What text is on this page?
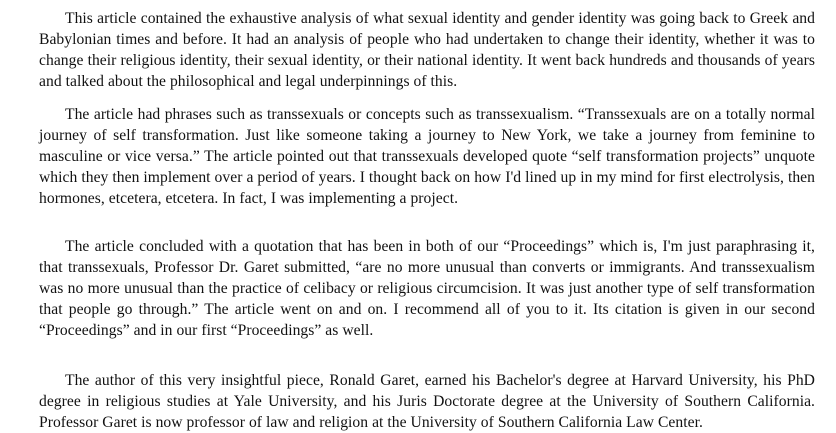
This article contained the exhaustive analysis of what sexual identity and gender identity was going back to Greek and Babylonian times and before. It had an analysis of people who had undertaken to change their identity, whether it was to change their religious identity, their sexual identity, or their national identity. It went back hundreds and thousands of years and talked about the philosophical and legal underpinnings of this.

The article had phrases such as transsexuals or concepts such as transsexualism. “Transsexuals are on a totally normal journey of self transformation. Just like someone taking a journey to New York, we take a journey from feminine to masculine or vice versa.” The article pointed out that transsexuals developed quote “self transformation projects” unquote which they then implement over a period of years. I thought back on how I'd lined up in my mind for first electrolysis, then hormones, etcetera, etcetera. In fact, I was implementing a project.

The article concluded with a quotation that has been in both of our “Proceedings” which is, I'm just paraphrasing it, that transsexuals, Professor Dr. Garet submitted, “are no more unusual than converts or immigrants. And transsexualism was no more unusual than the practice of celibacy or religious circumcision. It was just another type of self transformation that people go through.” The article went on and on. I recommend all of you to it. Its citation is given in our second “Proceedings” and in our first “Proceedings” as well.

The author of this very insightful piece, Ronald Garet, earned his Bachelor's degree at Harvard University, his PhD degree in religious studies at Yale University, and his Juris Doctorate degree at the University of Southern California. Professor Garet is now professor of law and religion at the University of Southern California Law Center.
